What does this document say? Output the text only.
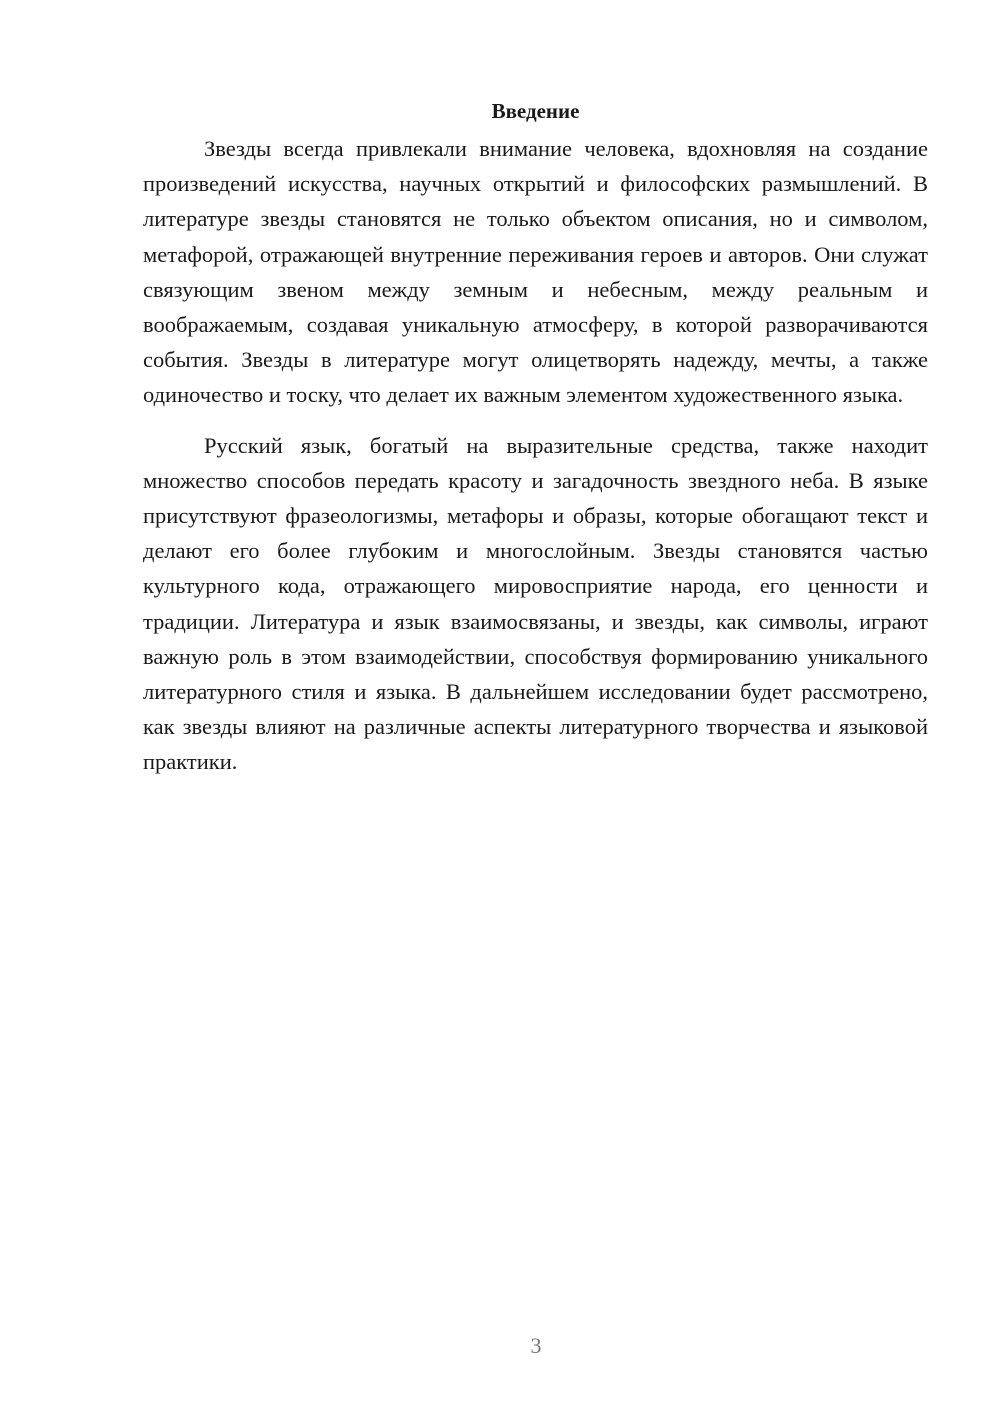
Введение

Звезды всегда привлекали внимание человека, вдохновляя на создание произведений искусства, научных открытий и философских размышлений. В литературе звезды становятся не только объектом описания, но и символом, метафорой, отражающей внутренние переживания героев и авторов. Они служат связующим звеном между земным и небесным, между реальным и воображаемым, создавая уникальную атмосферу, в которой разворачиваются события. Звезды в литературе могут олицетворять надежду, мечты, а также одиночество и тоску, что делает их важным элементом художественного языка.

Русский язык, богатый на выразительные средства, также находит множество способов передать красоту и загадочность звездного неба. В языке присутствуют фразеологизмы, метафоры и образы, которые обогащают текст и делают его более глубоким и многослойным. Звезды становятся частью культурного кода, отражающего мировосприятие народа, его ценности и традиции. Литература и язык взаимосвязаны, и звезды, как символы, играют важную роль в этом взаимодействии, способствуя формированию уникального литературного стиля и языка. В дальнейшем исследовании будет рассмотрено, как звезды влияют на различные аспекты литературного творчества и языковой практики.

3
